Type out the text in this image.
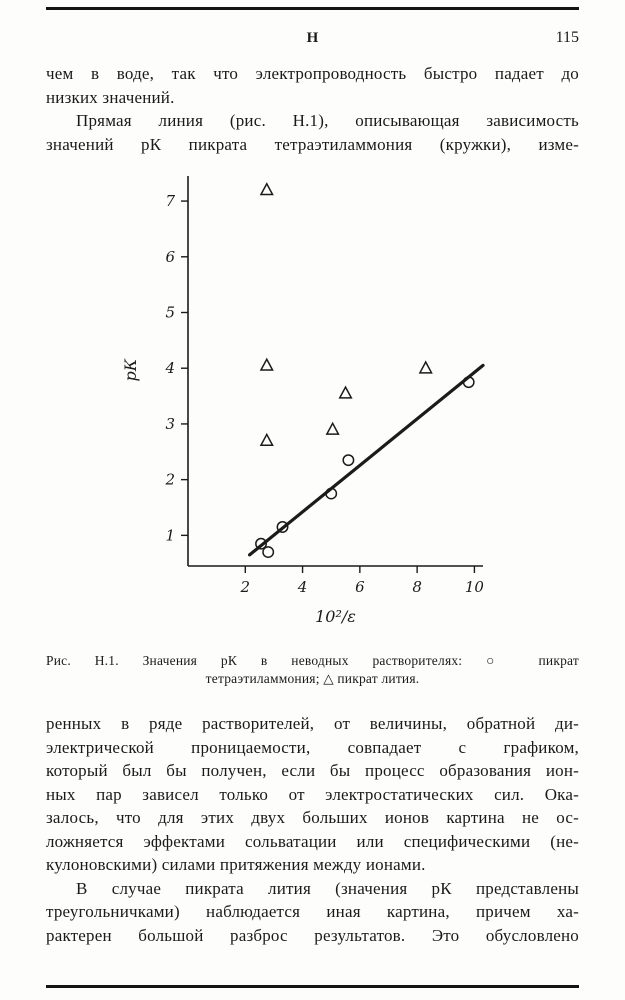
Н	115
чем в воде, так что электропроводность быстро падает до
низких значений.
Прямая линия (рис. Н.1), описывающая зависимость
значений рК пикрата тетраэтиламмония (кружки), изме-
1
2
3
4
5
6
7
2	4	6	8	10
рК
10²/ε
Рис. Н.1. Значения рК в неводных растворителях: ○ пикрат
тетраэтиламмония; △ пикрат лития.
ренных в ряде растворителей, от величины, обратной ди-
электрической проницаемости, совпадает с графиком,
который был бы получен, если бы процесс образования ион-
ных пар зависел только от электростатических сил. Ока-
залось, что для этих двух больших ионов картина не ос-
ложняется эффектами сольватации или специфическими (не-
кулоновскими) силами притяжения между ионами.
В случае пикрата лития (значения рК представлены
треугольничками) наблюдается иная картина, причем ха-
рактерен большой разброс результатов. Это обусловлено
